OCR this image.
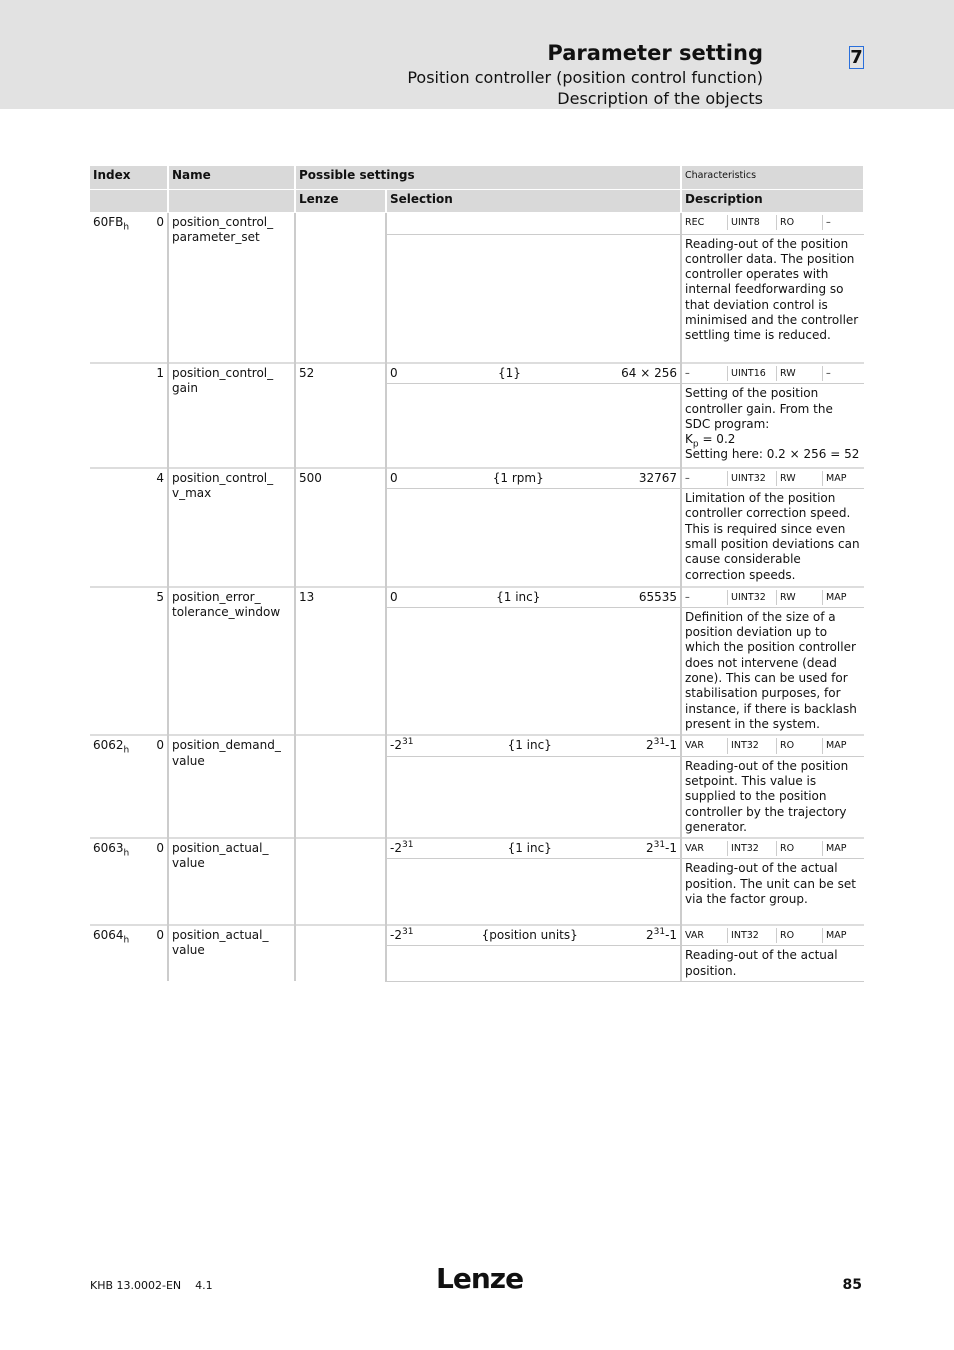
Parameter setting
Position controller (position control function)
Description of the objects
7
Index		Name	Possible settings		Characteristics
			Lenze	Selection	Description
$60FB_h$	0	position_control_ parameter_set			REC UINT8 RO –

					Reading-out of the position controller data. The position controller operates with internal feedforwarding so that deviation control is minimised and the controller settling time is reduced.
	1	position_control_ gain	52	0 {1} 64 × 256	– UINT16 RW –

					Setting of the position controller gain. From the SDC program:
$K_p = 0.2$
Setting here: 0.2 × 256 = 52
	4	position_control_ v_max	500	0 {1 rpm} 32767	– UINT32 RW MAP

					Limitation of the position controller correction speed. This is required since even small position deviations can cause considerable correction speeds.
	5	position_error_ tolerance_window	13	0 {1 inc} 65535	– UINT32 RW MAP

					Definition of the size of a position deviation up to which the position controller does not intervene (dead zone). This can be used for stabilisation purposes, for instance, if there is backlash present in the system.
$6062_h$	0	position_demand_ value		$-2^{31}$ {1 inc} $2^{31}-1$	VAR INT32 RO MAP

					Reading-out of the position setpoint. This value is supplied to the position controller by the trajectory generator.
$6063_h$	0	position_actual_ value		$-2^{31}$ {1 inc} $2^{31}-1$	VAR INT32 RO MAP

					Reading-out of the actual position. The unit can be set via the factor group.
$6064_h$	0	position_actual_ value		$-2^{31}$ {position units} $2^{31}-1$	VAR INT32 RO MAP

					Reading-out of the actual position.
KHB 13.0002-EN 4.1	Lenze	85
